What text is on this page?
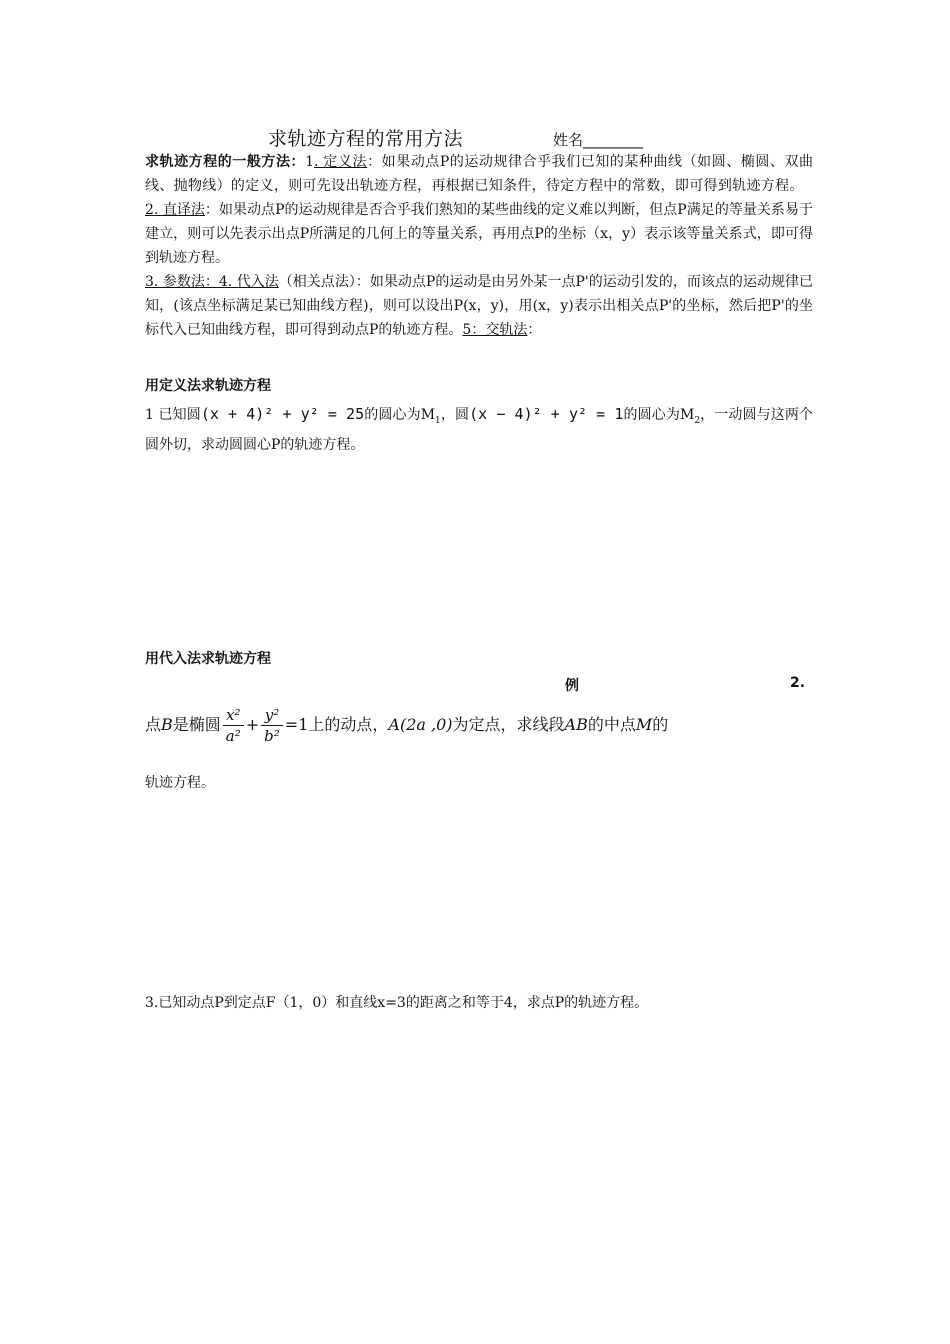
求轨迹方程的常用方法	姓名________
求轨迹方程的一般方法：1. 定义法：如果动点P的运动规律合乎我们已知的某种曲线（如圆、椭圆、双曲线、抛物线）的定义，则可先设出轨迹方程，再根据已知条件，待定方程中的常数，即可得到轨迹方程。   2. 直译法：如果动点P的运动规律是否合乎我们熟知的某些曲线的定义难以判断，但点P满足的等量关系易于建立，则可以先表示出点P所满足的几何上的等量关系，再用点P的坐标（x，y）表示该等量关系式，即可得到轨迹方程。
3. 参数法：4. 代入法（相关点法）：如果动点P的运动是由另外某一点P'的运动引发的，而该点的运动规律已知，(该点坐标满足某已知曲线方程)，则可以设出P(x，y)，用(x，y)表示出相关点P'的坐标，然后把P'的坐标代入已知曲线方程，即可得到动点P的轨迹方程。5：交轨法：
用定义法求轨迹方程
1 已知圆(x + 4)² + y² = 25的圆心为$M_1$，圆(x − 4)² + y² = 1的圆心为$M_2$，一动圆与这两个圆外切，求动圆圆心P的轨迹方程。
用代入法求轨迹方程
例	2.
点B是椭圆 $\frac{\text{x²}}{\text{a²}} + \frac{\text{y²}}{\text{b²}} =1$上的动点，A(2a ,0)为定点，求线段AB的中点M的
轨迹方程。
3.已知动点P到定点F（1，0）和直线x=3的距离之和等于4，求点P的轨迹方程。
